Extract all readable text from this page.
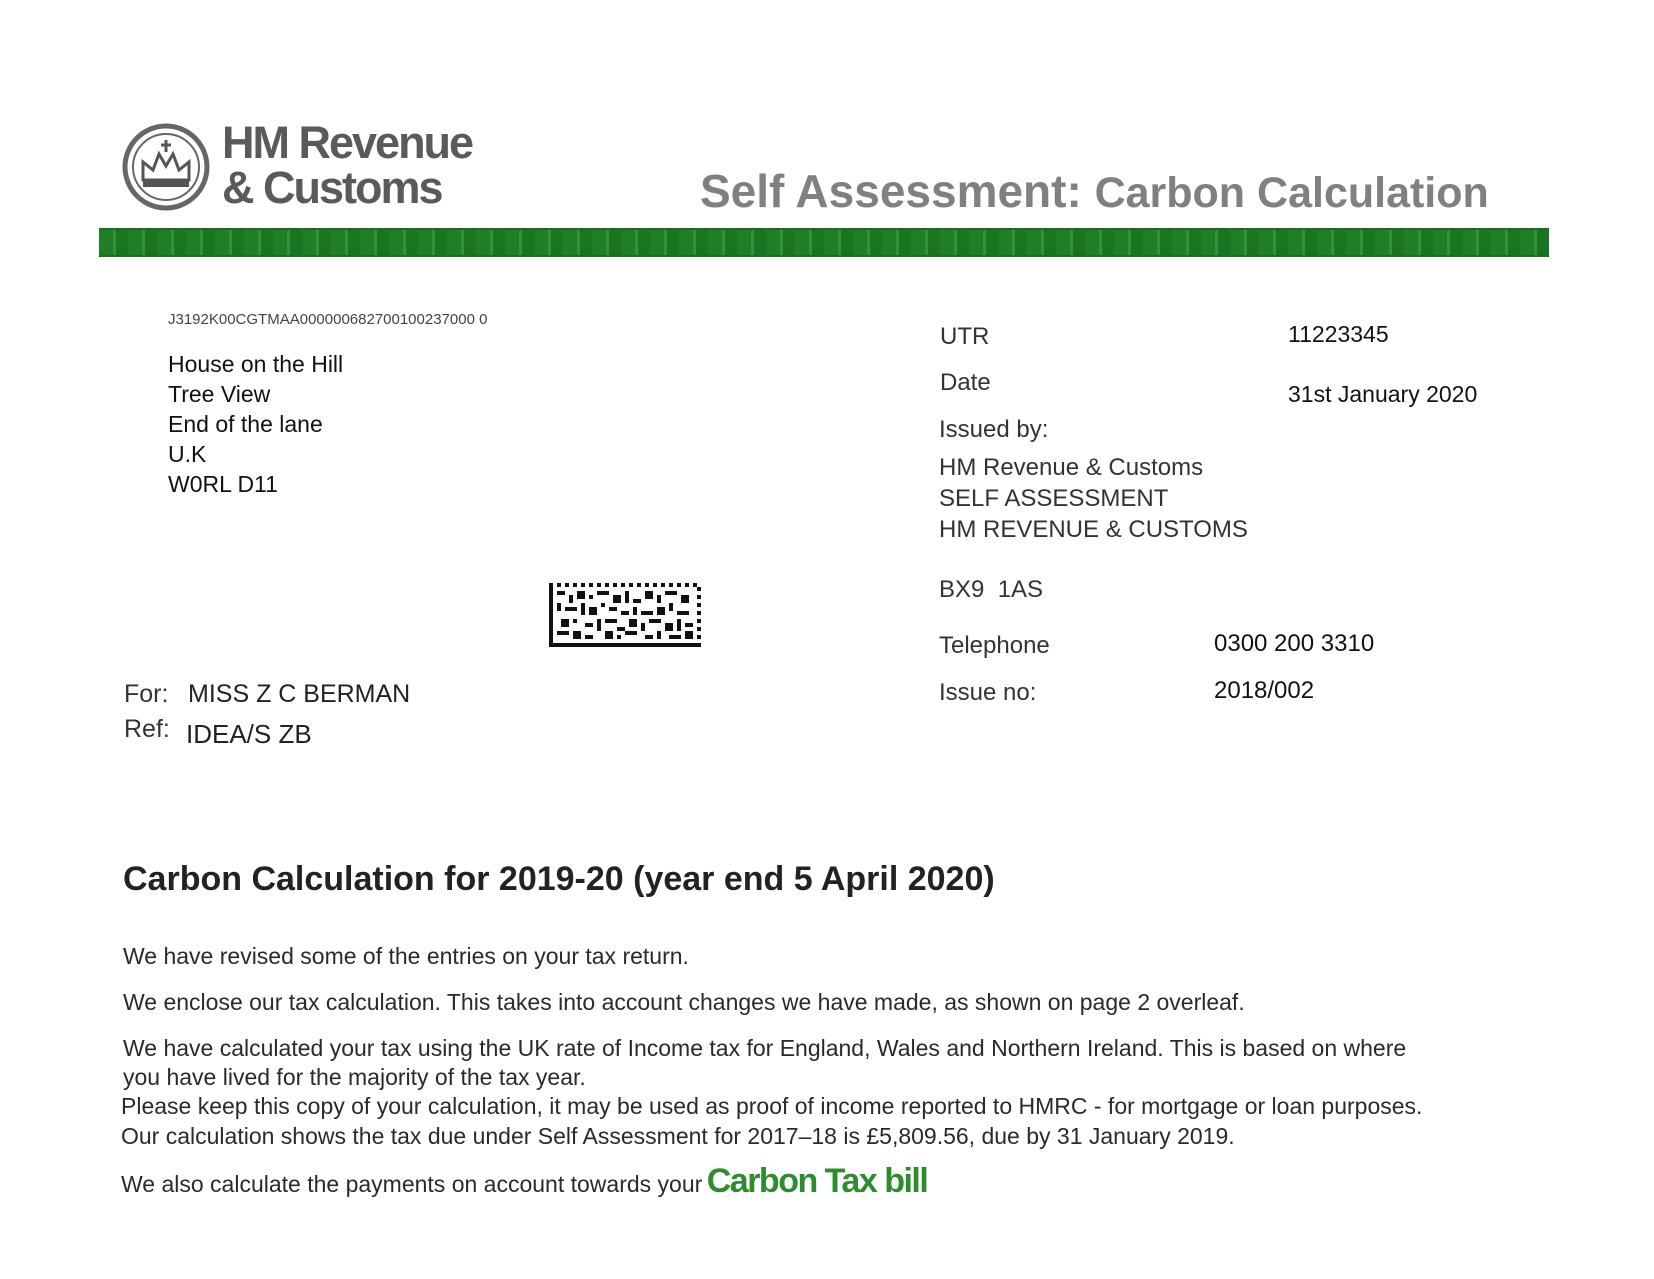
HM Revenue
& Customs	Self Assessment: Carbon Calculation
J3192K00CGTMAA000000682700100237000 0
House on the Hill
Tree View
End of the lane
U.K
W0RL D11
For: MISS Z C BERMAN
Ref: IDEA/S ZB
UTR	11223345
Date	31st January 2020
Issued by:
HM Revenue & Customs
SELF ASSESSMENT
HM REVENUE & CUSTOMS
BX9  1AS
Telephone	0300 200 3310
Issue no:	2018/002
Carbon Calculation for 2019-20 (year end 5 April 2020)
We have revised some of the entries on your tax return.
We enclose our tax calculation. This takes into account changes we have made, as shown on page 2 overleaf.
We have calculated your tax using the UK rate of Income tax for England, Wales and Northern Ireland. This is based on where
you have lived for the majority of the tax year.
Please keep this copy of your calculation, it may be used as proof of income reported to HMRC - for mortgage or loan purposes.
Our calculation shows the tax due under Self Assessment for 2017–18 is £5,809.56, due by 31 January 2019.
We also calculate the payments on account towards your Carbon Tax bill
